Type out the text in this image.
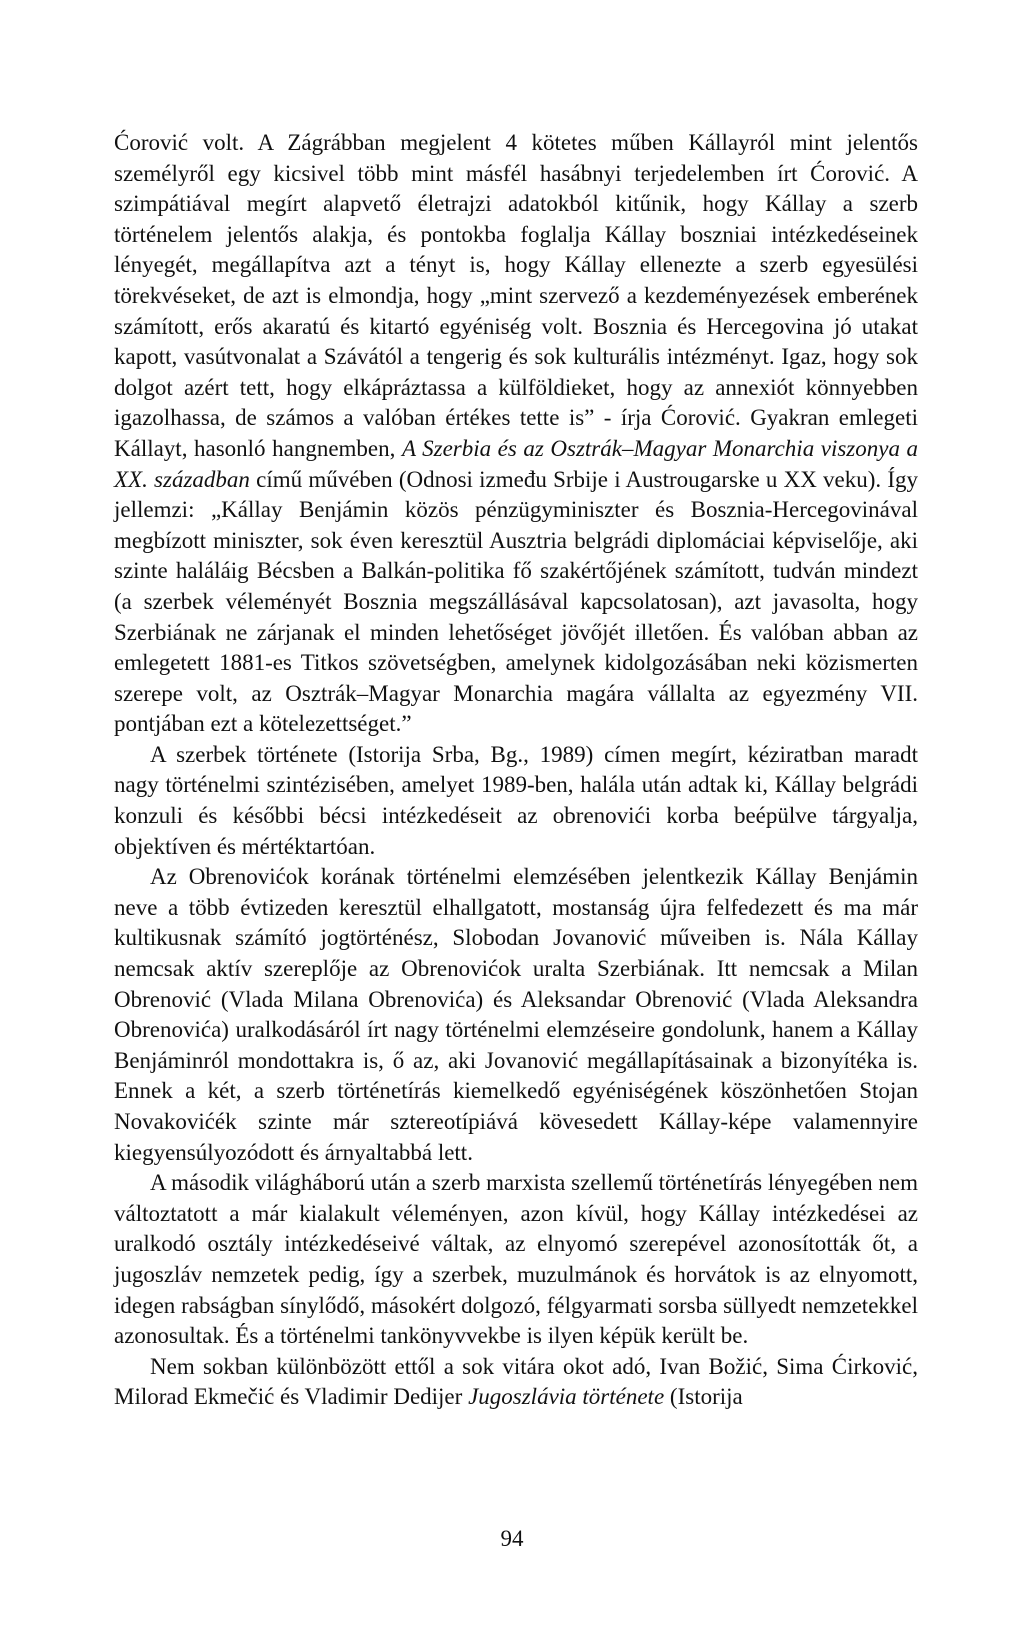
Ćorović volt. A Zágrábban megjelent 4 kötetes műben Kállayról mint jelentős személyről egy kicsivel több mint másfél hasábnyi terjedelemben írt Ćorović. A szimpátiával megírt alapvető életrajzi adatokból kitűnik, hogy Kállay a szerb történelem jelentős alakja, és pontokba foglalja Kállay boszniai intézkedéseinek lényegét, megállapítva azt a tényt is, hogy Kállay ellenezte a szerb egyesülési törekvéseket, de azt is elmondja, hogy „mint szervező a kezdeményezések emberének számított, erős akaratú és kitartó egyéniség volt. Bosznia és Hercegovina jó utakat kapott, vasútvonalat a Szávától a tengerig és sok kulturális intézményt. Igaz, hogy sok dolgot azért tett, hogy elkápráztassa a külföldieket, hogy az annexiót könnyebben igazolhassa, de számos a valóban értékes tette is” - írja Ćorović. Gyakran emlegeti Kállayt, hasonló hangnemben, A Szerbia és az Osztrák–Magyar Monarchia viszonya a XX. században című művében (Odnosi između Srbije i Austrougarske u XX veku). Így jellemzi: „Kállay Benjámin közös pénzügyminiszter és Bosznia-Hercegovinával megbízott miniszter, sok éven keresztül Ausztria belgrádi diplomáciai képviselője, aki szinte haláláig Bécsben a Balkán-politika fő szakértőjének számított, tudván mindezt (a szerbek véleményét Bosznia megszállásával kapcsolatosan), azt javasolta, hogy Szerbiának ne zárjanak el minden lehetőséget jövőjét illetően. És valóban abban az emlegetett 1881-es Titkos szövetségben, amelynek kidolgozásában neki közismerten szerepe volt, az Osztrák–Magyar Monarchia magára vállalta az egyezmény VII. pontjában ezt a kötelezettséget.”

A szerbek története (Istorija Srba, Bg., 1989) címen megírt, kéziratban maradt nagy történelmi szintézisében, amelyet 1989-ben, halála után adtak ki, Kállay belgrádi konzuli és későbbi bécsi intézkedéseit az obrenovići korba beépülve tárgyalja, objektíven és mértéktartóan.

Az Obrenovićok korának történelmi elemzésében jelentkezik Kállay Benjámin neve a több évtizeden keresztül elhallgatott, mostanság újra felfedezett és ma már kultikusnak számító jogtörténész, Slobodan Jovanović műveiben is. Nála Kállay nemcsak aktív szereplője az Obrenovićok uralta Szerbiának. Itt nemcsak a Milan Obrenović (Vlada Milana Obrenovića) és Aleksandar Obrenović (Vlada Aleksandra Obrenovića) uralkodásáról írt nagy történelmi elemzéseire gondolunk, hanem a Kállay Benjáminról mondottakra is, ő az, aki Jovanović megállapításainak a bizonyítéka is. Ennek a két, a szerb történetírás kiemelkedő egyéniségének köszönhetően Stojan Novakovićék szinte már sztereotípiává kövesedett Kállay-képe valamennyire kiegyensúlyozódott és árnyaltabbá lett.

A második világháború után a szerb marxista szellemű történetírás lényegében nem változtatott a már kialakult véleményen, azon kívül, hogy Kállay intézkedései az uralkodó osztály intézkedéseivé váltak, az elnyomó szerepével azonosították őt, a jugoszláv nemzetek pedig, így a szerbek, muzulmánok és horvátok is az elnyomott, idegen rabságban sínylődő, másokért dolgozó, félgyarmati sorsba süllyedt nemzetekkel azonosultak. És a történelmi tankönyvvekbe is ilyen képük került be.

Nem sokban különbözött ettől a sok vitára okot adó, Ivan Božić, Sima Ćirković, Milorad Ekmečić és Vladimir Dedijer Jugoszlávia története (Istorija

94
